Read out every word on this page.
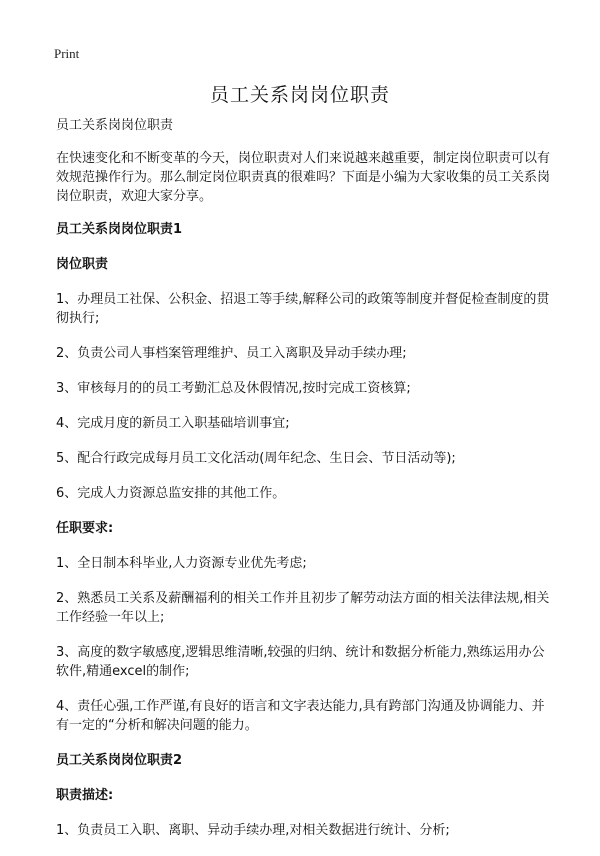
Print
员工关系岗岗位职责

员工关系岗岗位职责

在快速变化和不断变革的今天，岗位职责对人们来说越来越重要，制定岗位职责可以有效规范操作行为。那么制定岗位职责真的很难吗？下面是小编为大家收集的员工关系岗岗位职责，欢迎大家分享。

员工关系岗岗位职责1

岗位职责

1、办理员工社保、公积金、招退工等手续,解释公司的政策等制度并督促检查制度的贯彻执行;

2、负责公司人事档案管理维护、员工入离职及异动手续办理;

3、审核每月的的员工考勤汇总及休假情况,按时完成工资核算;

4、完成月度的新员工入职基础培训事宜;

5、配合行政完成每月员工文化活动(周年纪念、生日会、节日活动等);

6、完成人力资源总监安排的其他工作。

任职要求:

1、全日制本科毕业,人力资源专业优先考虑;

2、熟悉员工关系及薪酬福利的相关工作并且初步了解劳动法方面的相关法律法规,相关工作经验一年以上;

3、高度的数字敏感度,逻辑思维清晰,较强的归纳、统计和数据分析能力,熟练运用办公软件,精通excel的制作;

4、责任心强,工作严谨,有良好的语言和文字表达能力,具有跨部门沟通及协调能力、并有一定的“分析和解决问题的能力。

员工关系岗岗位职责2

职责描述:

1、负责员工入职、离职、异动手续办理,对相关数据进行统计、分析;
